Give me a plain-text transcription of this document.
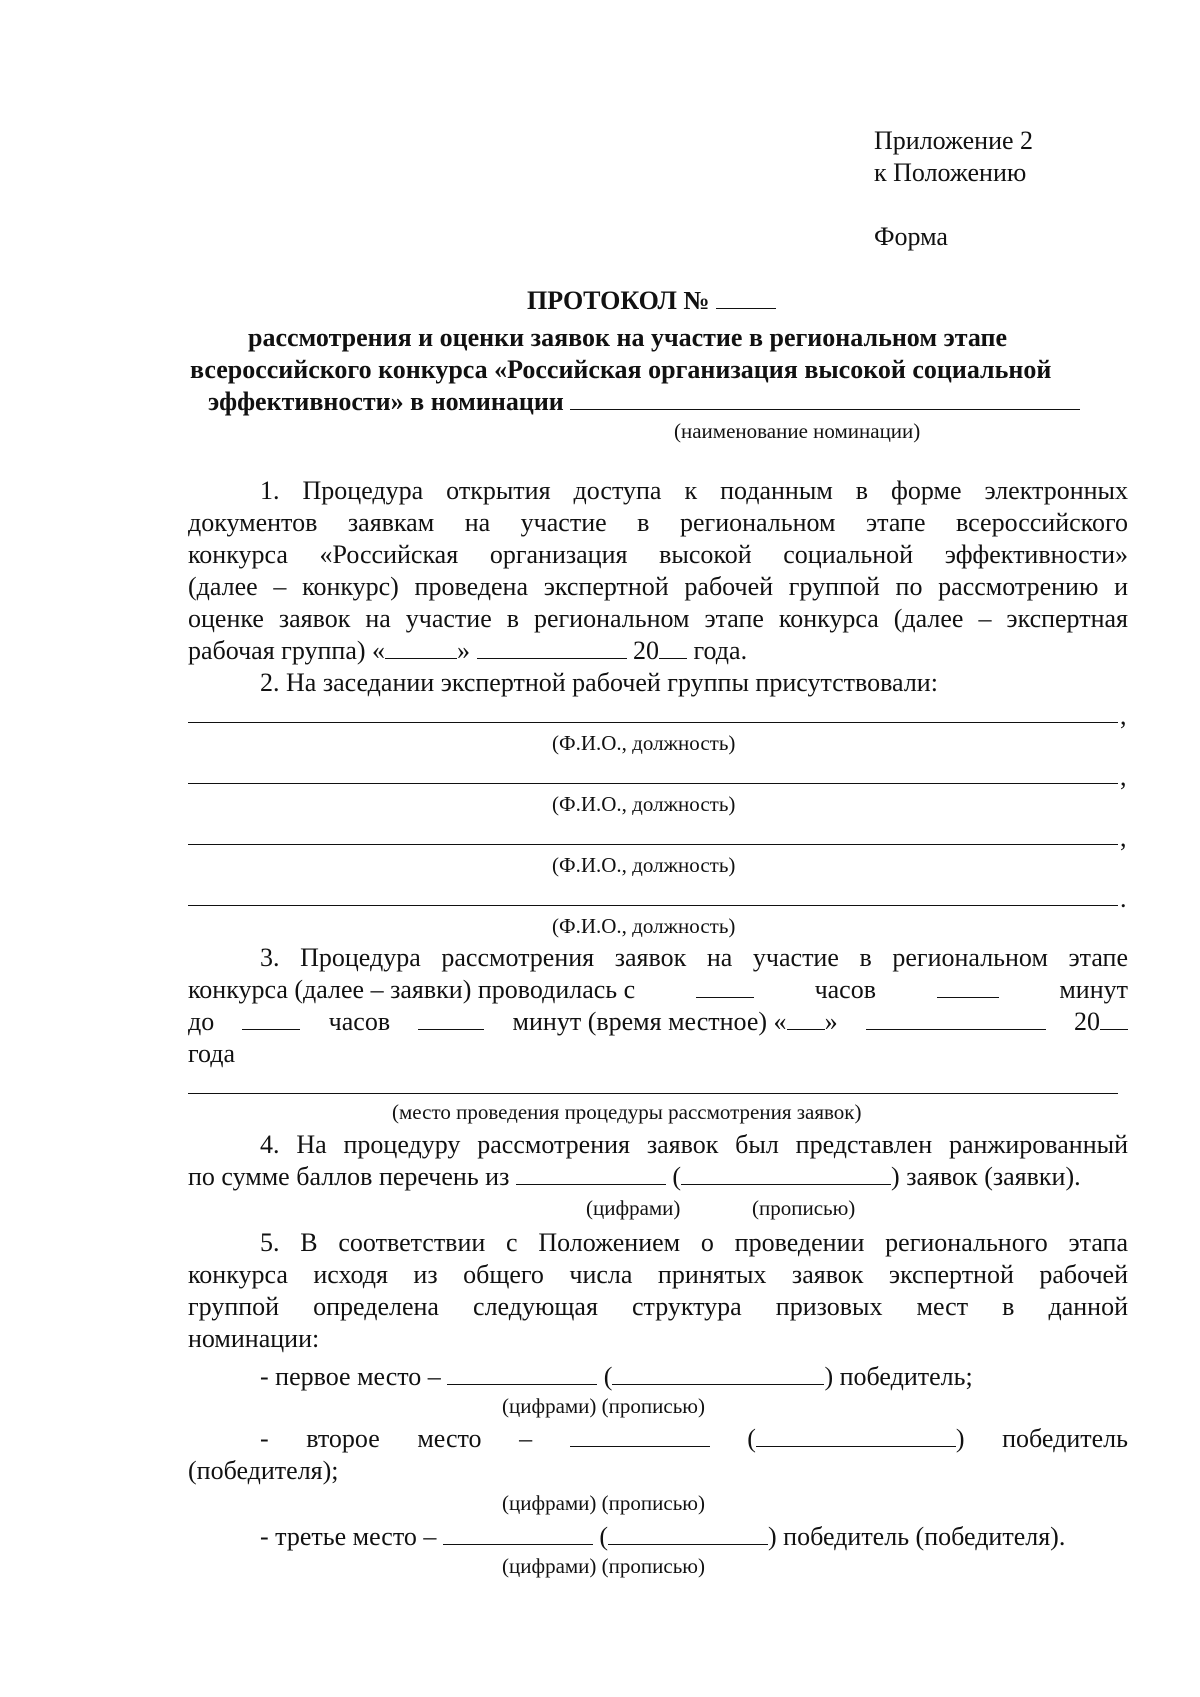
Приложение 2
к Положению
Форма
ПРОТОКОЛ №
рассмотрения и оценки заявок на участие в региональном этапе
всероссийского конкурса «Российская организация высокой социальной
эффективности» в номинации
(наименование номинации)
1. Процедура открытия доступа к поданным в форме электронных
документов заявкам на участие в региональном этапе всероссийского
конкурса «Российская организация высокой социальной эффективности»
(далее – конкурс) проведена экспертной рабочей группой по рассмотрению и
оценке заявок на участие в региональном этапе конкурса (далее – экспертная
рабочая группа) «	»	20 года.
2. На заседании экспертной рабочей группы присутствовали:
,
(Ф.И.О., должность)
,
(Ф.И.О., должность)
,
(Ф.И.О., должность)
.
(Ф.И.О., должность)
3. Процедура рассмотрения заявок на участие в региональном этапе
конкурса (далее – заявки) проводилась с	часов	минут
до	часов	минут (время местное) « »	20
года
(место проведения процедуры рассмотрения заявок)
4. На процедуру рассмотрения заявок был представлен ранжированный
по сумме баллов перечень из	(	) заявок (заявки).
(цифрами)	(прописью)
5. В соответствии с Положением о проведении регионального этапа
конкурса исходя из общего числа принятых заявок экспертной рабочей
группой определена следующая структура призовых мест в данной
номинации:
- первое место –	(	) победитель;
(цифрами) (прописью)
- второе место –	(	) победитель
(победителя);
(цифрами) (прописью)
- третье место –	(	) победитель (победителя).
(цифрами) (прописью)
